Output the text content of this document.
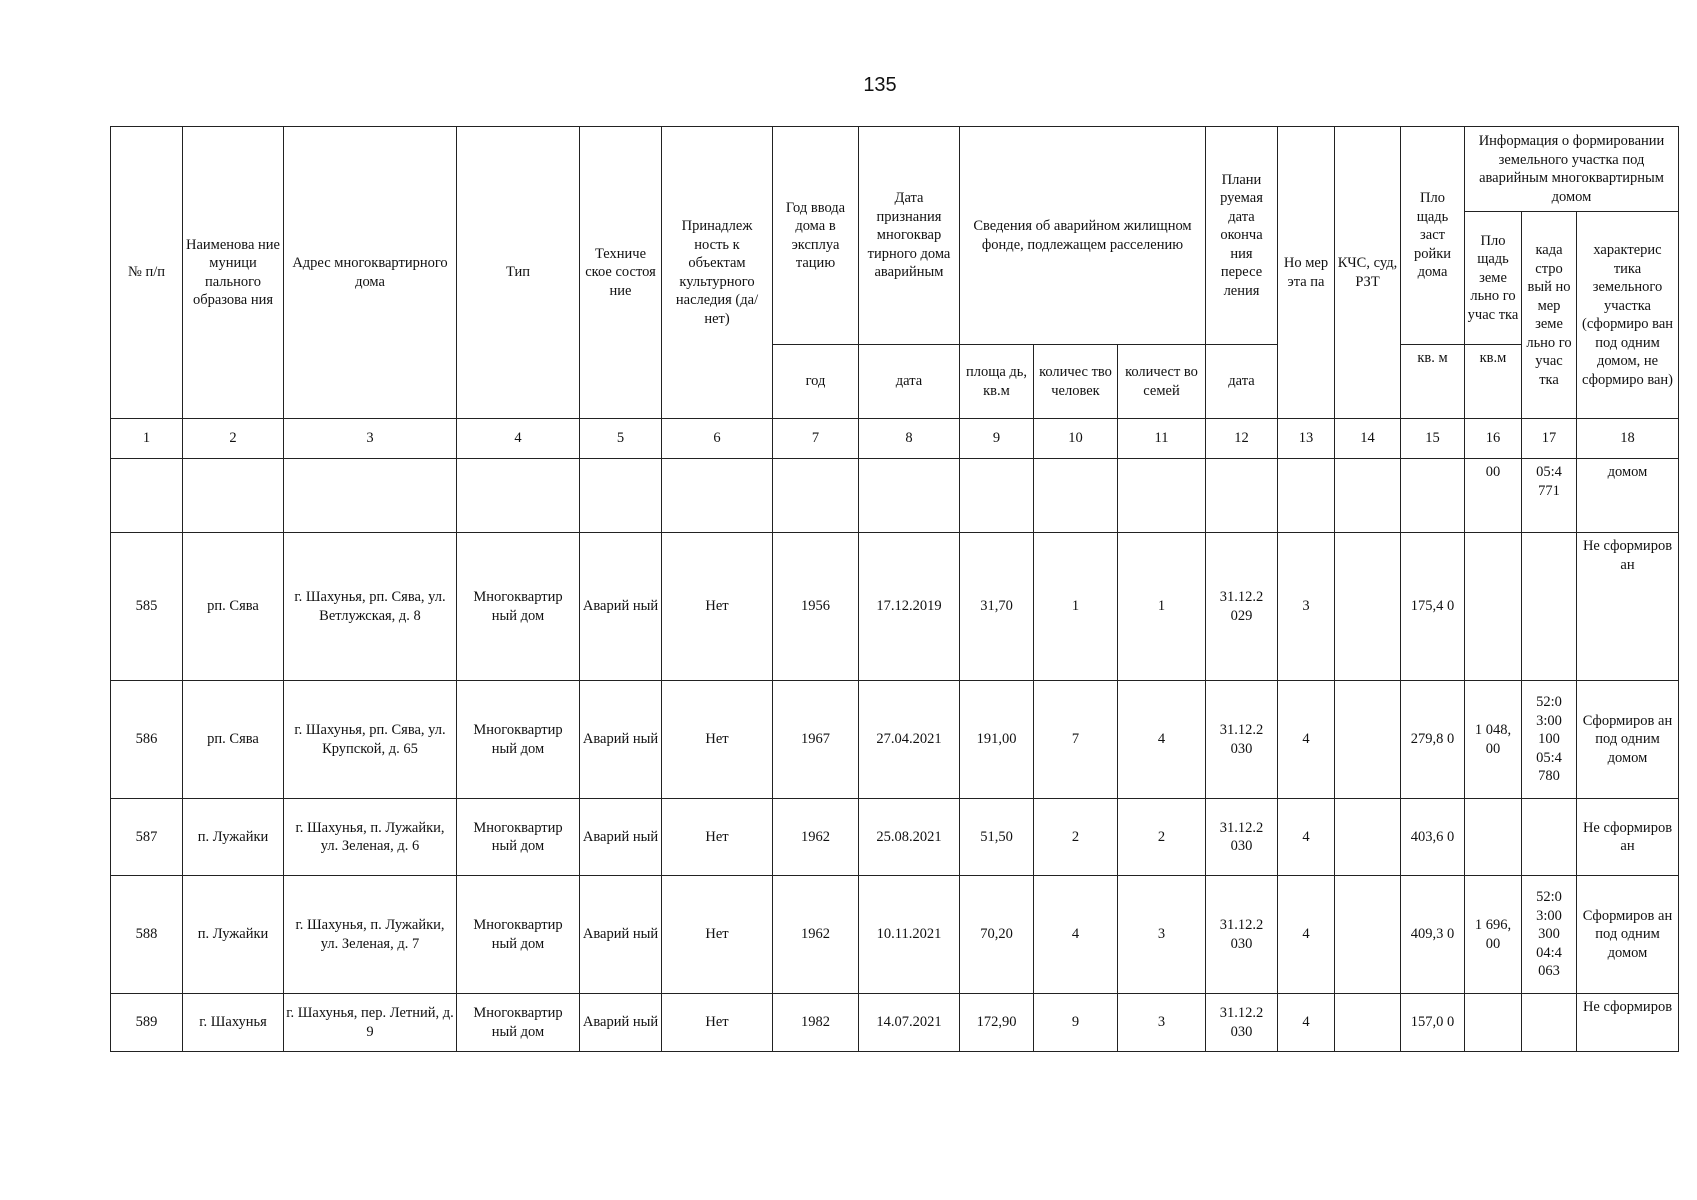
135
№ п/п	Наименова ние муници пального образова ния	Адрес многоквартирного дома	Тип	Техниче ское состоя ние	Принадлеж ность к объектам культурного наследия (да/нет)	Год ввода дома в эксплуа тацию	Дата признания многоквар тирного дома аварийным	Сведения об аварийном жилищном фонде, подлежащем расселению			Плани руемая дата оконча ния пересе ления	Но мер эта па	КЧС, суд, РЗТ	Пло щадь заст ройки дома	Информация о формировании земельного участка под аварийным многоквартирным домом		
															Пло щадь земе льно го учас тка	када стро вый но мер земе льно го учас тка	характерис тика земельного участка (сформиро ван под одним домом, не сформиро ван)
						год	дата	площа дь, кв.м	количес тво человек	количест во семей	дата			кв. м	кв.м		
1	2	3	4	5	6	7	8	9	10	11	12	13	14	15	16	17	18
															00	05:4 771	домом
585	рп. Сява	г. Шахунья, рп. Сява, ул. Ветлужская, д. 8	Многоквартир ный дом	Аварий ный	Нет	1956	17.12.2019	31,70	1	1	31.12.2 029	3		175,4 0			Не сформиров ан
586	рп. Сява	г. Шахунья, рп. Сява, ул. Крупской, д. 65	Многоквартир ный дом	Аварий ный	Нет	1967	27.04.2021	191,00	7	4	31.12.2 030	4		279,8 0	1 048, 00	52:0 3:00 100 05:4 780	Сформиров ан под одним домом
587	п. Лужайки	г. Шахунья, п. Лужайки, ул. Зеленая, д. 6	Многоквартир ный дом	Аварий ный	Нет	1962	25.08.2021	51,50	2	2	31.12.2 030	4		403,6 0			Не сформиров ан
588	п. Лужайки	г. Шахунья, п. Лужайки, ул. Зеленая, д. 7	Многоквартир ный дом	Аварий ный	Нет	1962	10.11.2021	70,20	4	3	31.12.2 030	4		409,3 0	1 696, 00	52:0 3:00 300 04:4 063	Сформиров ан под одним домом
589	г. Шахунья	г. Шахунья, пер. Летний, д. 9	Многоквартир ный дом	Аварий ный	Нет	1982	14.07.2021	172,90	9	3	31.12.2 030	4		157,0 0			Не сформиров
